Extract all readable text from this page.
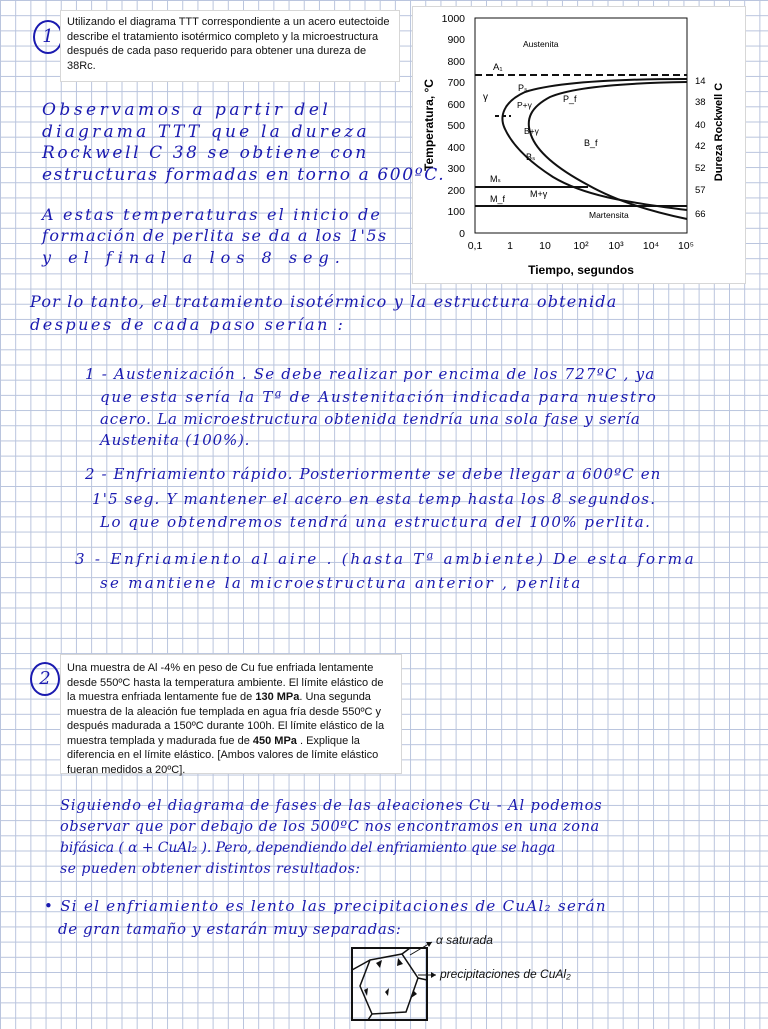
1
Utilizando el diagrama TTT correspondiente a un acero eutectoide describe el tratamiento isotérmico completo y la microestructura después de cada paso requerido para obtener una dureza de 38Rc.
1000
900
800
700
600
500
400
300
200
100
0
0,1 1 10 10² 10³ 10⁴ 10⁵
Temperatura, °C
Tiempo, segundos
Dureza Rockwell C
14
38
40
42
52
57
66
Austenita
A₁
γ
Pₛ
P_f
P+γ
B+γ
Bₛ
B_f
Mₛ
M_f	M+γ
Martensita
Observamos a partir del
diagrama TTT que la dureza
Rockwell C 38 se obtiene con
estructuras formadas en torno a 600ºC.
A estas temperaturas el inicio de
formación de perlita se da a los 1'5s
y el final a los 8 seg.
Por lo tanto, el tratamiento isotérmico y la estructura obtenida
despues de cada paso serían :
1 - Austenización . Se debe realizar por encima de los 727ºC , ya
que esta sería la Tª de Austenitación indicada para nuestro
acero. La microestructura obtenida tendría una sola fase y sería
Austenita (100%).
2 - Enfriamiento rápido. Posteriormente se debe llegar a 600ºC en
1'5 seg. Y mantener el acero en esta temp hasta los 8 segundos.
Lo que obtendremos tendrá una estructura del 100% perlita.
3 - Enfriamiento al aire . (hasta Tª ambiente) De esta forma
se mantiene la microestructura anterior , perlita
2	Una muestra de Al -4% en peso de Cu fue enfriada lentamente desde 550ºC hasta la temperatura ambiente. El límite elástico de la muestra enfriada lentamente fue de 130 MPa. Una segunda muestra de la aleación fue templada en agua fría desde 550ºC y después madurada a 150ºC durante 100h. El límite elástico de la muestra templada y madurada fue de 450 MPa . Explique la diferencia en el límite elástico. [Ambos valores de límite elástico fueran medidos a 20ºC].
Siguiendo el diagrama de fases de las aleaciones Cu - Al podemos
observar que por debajo de los 500ºC nos encontramos en una zona
bifásica ( α + CuAl₂ ). Pero, dependiendo del enfriamiento que se haga
se pueden obtener distintos resultados:
• Si el enfriamiento es lento las precipitaciones de CuAl₂ serán
de gran tamaño y estarán muy separadas:
α saturada
precipitaciones de CuAl₂
